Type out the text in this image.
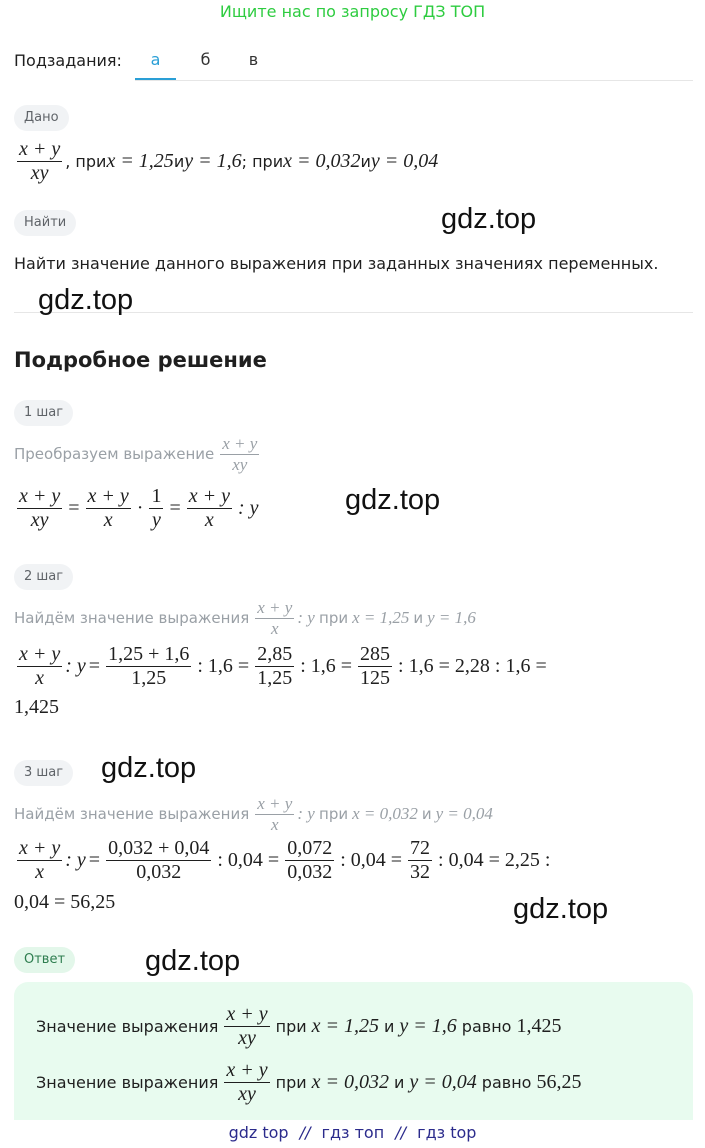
Ищите нас по запросу ГДЗ ТОП
Подзадания:	а	б	в
Дано
$\frac{x + y}{xy}$ , при x = 1,25 и y = 1,6 ; при x = 0,032 и y = 0,04
Найти
Найти значение данного выражения при заданных значениях переменных.
Подробное решение
1 шаг
Преобразуем выражение $\frac{x + y}{xy}$
$\frac{x + y}{xy} = \frac{x + y}{x} \cdot \frac{1}{y} = \frac{x + y}{x}$ : y
2 шаг
Найдём значение выражения $\frac{x + y}{x}$ : y при x = 1,25 и y = 1,6
$\frac{x + y}{x}$ : $y = \frac{1,25 + 1,6}{1,25}$ : $1,6 = \frac{2,85}{1,25}$ : $1,6 = \frac{285}{125}$ : 1,6 = 2,28 : 1,6 =
1,425
3 шаг
Найдём значение выражения $\frac{x + y}{x}$ : y при x = 0,032 и y = 0,04
$\frac{x + y}{x}$ : $y = \frac{0,032 + 0,04}{0,032}$ : $0,04 = \frac{0,072}{0,032}$ : $0,04 = \frac{72}{32}$ : 0,04 = 2,25 :
0,04 = 56,25
Ответ
Значение выражения $\frac{x + y}{xy}$ при x = 1,25 и y = 1,6 равно 1,425
Значение выражения $\frac{x + y}{xy}$ при x = 0,032 и y = 0,04 равно 56,25
gdz.top
gdz.top
gdz.top
gdz.top
gdz.top
gdz.top
gdz top // гдз топ // гдз top
